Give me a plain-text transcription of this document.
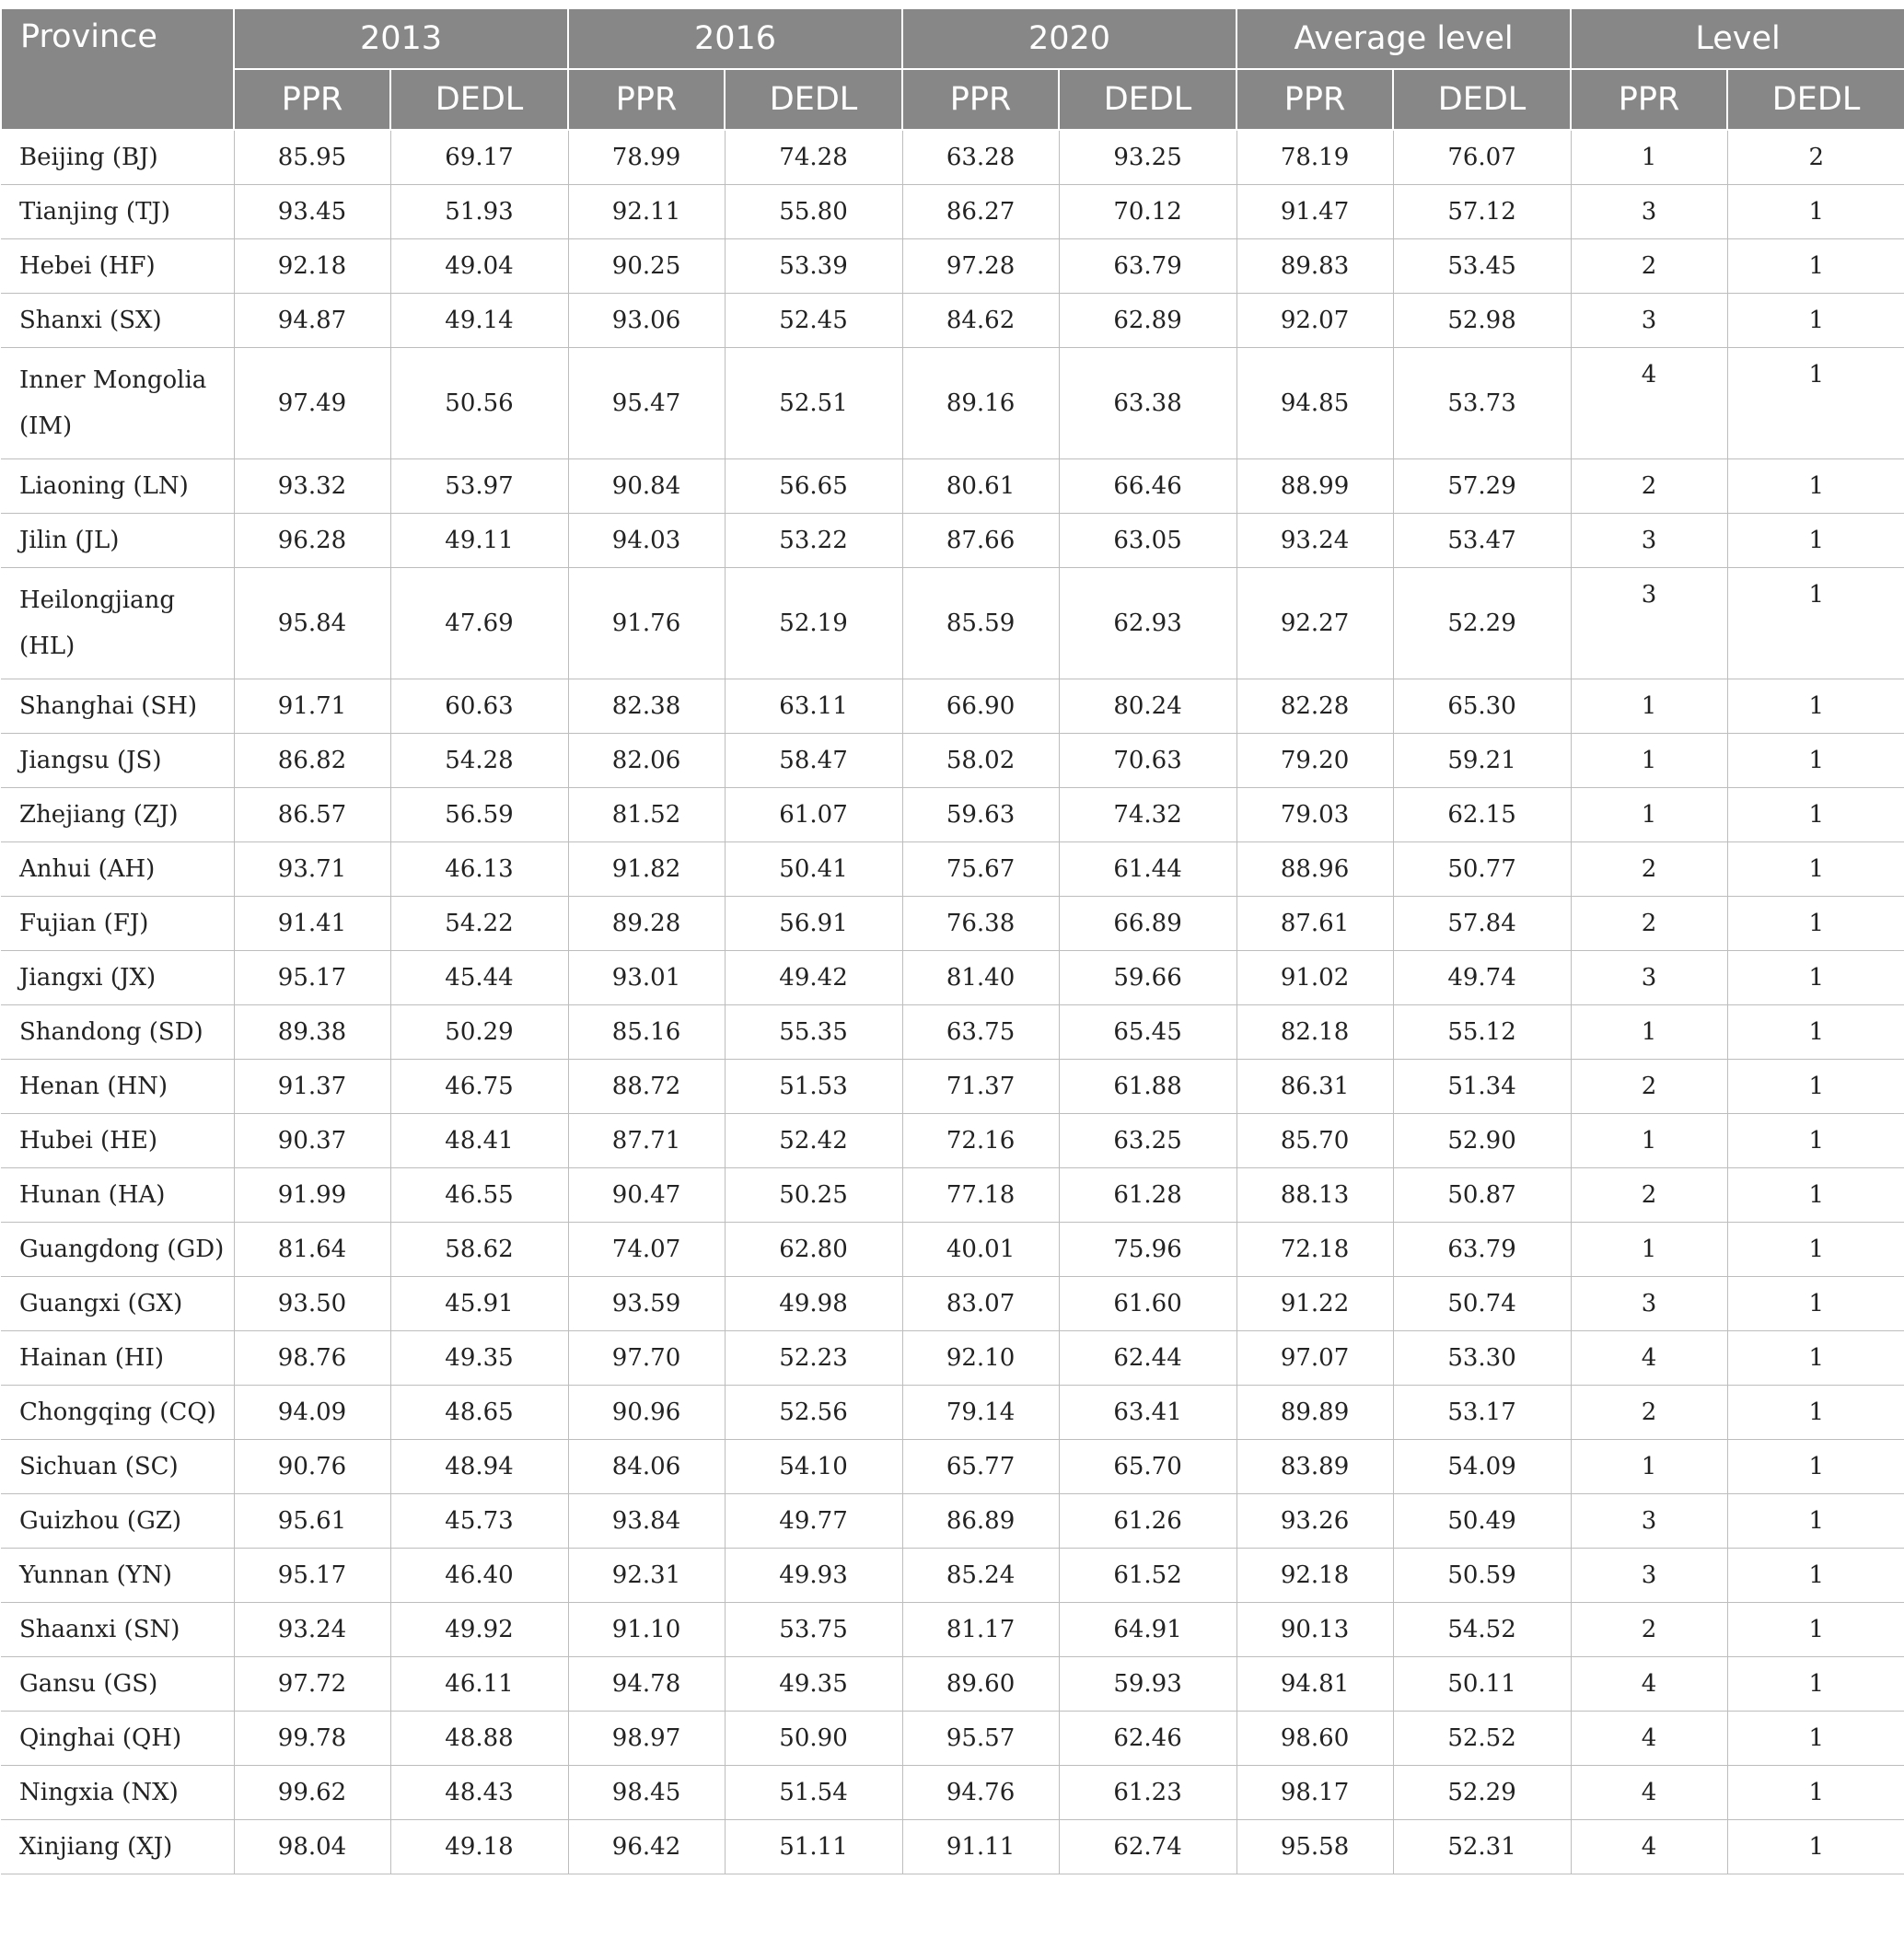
Province	2013		2016		2020		Average level		Level	
	PPR	DEDL	PPR	DEDL	PPR	DEDL	PPR	DEDL	PPR	DEDL
Beijing (BJ)	85.95	69.17	78.99	74.28	63.28	93.25	78.19	76.07	1	2
Tianjing (TJ)	93.45	51.93	92.11	55.80	86.27	70.12	91.47	57.12	3	1
Hebei (HF)	92.18	49.04	90.25	53.39	97.28	63.79	89.83	53.45	2	1
Shanxi (SX)	94.87	49.14	93.06	52.45	84.62	62.89	92.07	52.98	3	1
Inner Mongolia (IM)	97.49	50.56	95.47	52.51	89.16	63.38	94.85	53.73	4	1
Liaoning (LN)	93.32	53.97	90.84	56.65	80.61	66.46	88.99	57.29	2	1
Jilin (JL)	96.28	49.11	94.03	53.22	87.66	63.05	93.24	53.47	3	1
Heilongjiang (HL)	95.84	47.69	91.76	52.19	85.59	62.93	92.27	52.29	3	1
Shanghai (SH)	91.71	60.63	82.38	63.11	66.90	80.24	82.28	65.30	1	1
Jiangsu (JS)	86.82	54.28	82.06	58.47	58.02	70.63	79.20	59.21	1	1
Zhejiang (ZJ)	86.57	56.59	81.52	61.07	59.63	74.32	79.03	62.15	1	1
Anhui (AH)	93.71	46.13	91.82	50.41	75.67	61.44	88.96	50.77	2	1
Fujian (FJ)	91.41	54.22	89.28	56.91	76.38	66.89	87.61	57.84	2	1
Jiangxi (JX)	95.17	45.44	93.01	49.42	81.40	59.66	91.02	49.74	3	1
Shandong (SD)	89.38	50.29	85.16	55.35	63.75	65.45	82.18	55.12	1	1
Henan (HN)	91.37	46.75	88.72	51.53	71.37	61.88	86.31	51.34	2	1
Hubei (HE)	90.37	48.41	87.71	52.42	72.16	63.25	85.70	52.90	1	1
Hunan (HA)	91.99	46.55	90.47	50.25	77.18	61.28	88.13	50.87	2	1
Guangdong (GD)	81.64	58.62	74.07	62.80	40.01	75.96	72.18	63.79	1	1
Guangxi (GX)	93.50	45.91	93.59	49.98	83.07	61.60	91.22	50.74	3	1
Hainan (HI)	98.76	49.35	97.70	52.23	92.10	62.44	97.07	53.30	4	1
Chongqing (CQ)	94.09	48.65	90.96	52.56	79.14	63.41	89.89	53.17	2	1
Sichuan (SC)	90.76	48.94	84.06	54.10	65.77	65.70	83.89	54.09	1	1
Guizhou (GZ)	95.61	45.73	93.84	49.77	86.89	61.26	93.26	50.49	3	1
Yunnan (YN)	95.17	46.40	92.31	49.93	85.24	61.52	92.18	50.59	3	1
Shaanxi (SN)	93.24	49.92	91.10	53.75	81.17	64.91	90.13	54.52	2	1
Gansu (GS)	97.72	46.11	94.78	49.35	89.60	59.93	94.81	50.11	4	1
Qinghai (QH)	99.78	48.88	98.97	50.90	95.57	62.46	98.60	52.52	4	1
Ningxia (NX)	99.62	48.43	98.45	51.54	94.76	61.23	98.17	52.29	4	1
Xinjiang (XJ)	98.04	49.18	96.42	51.11	91.11	62.74	95.58	52.31	4	1
